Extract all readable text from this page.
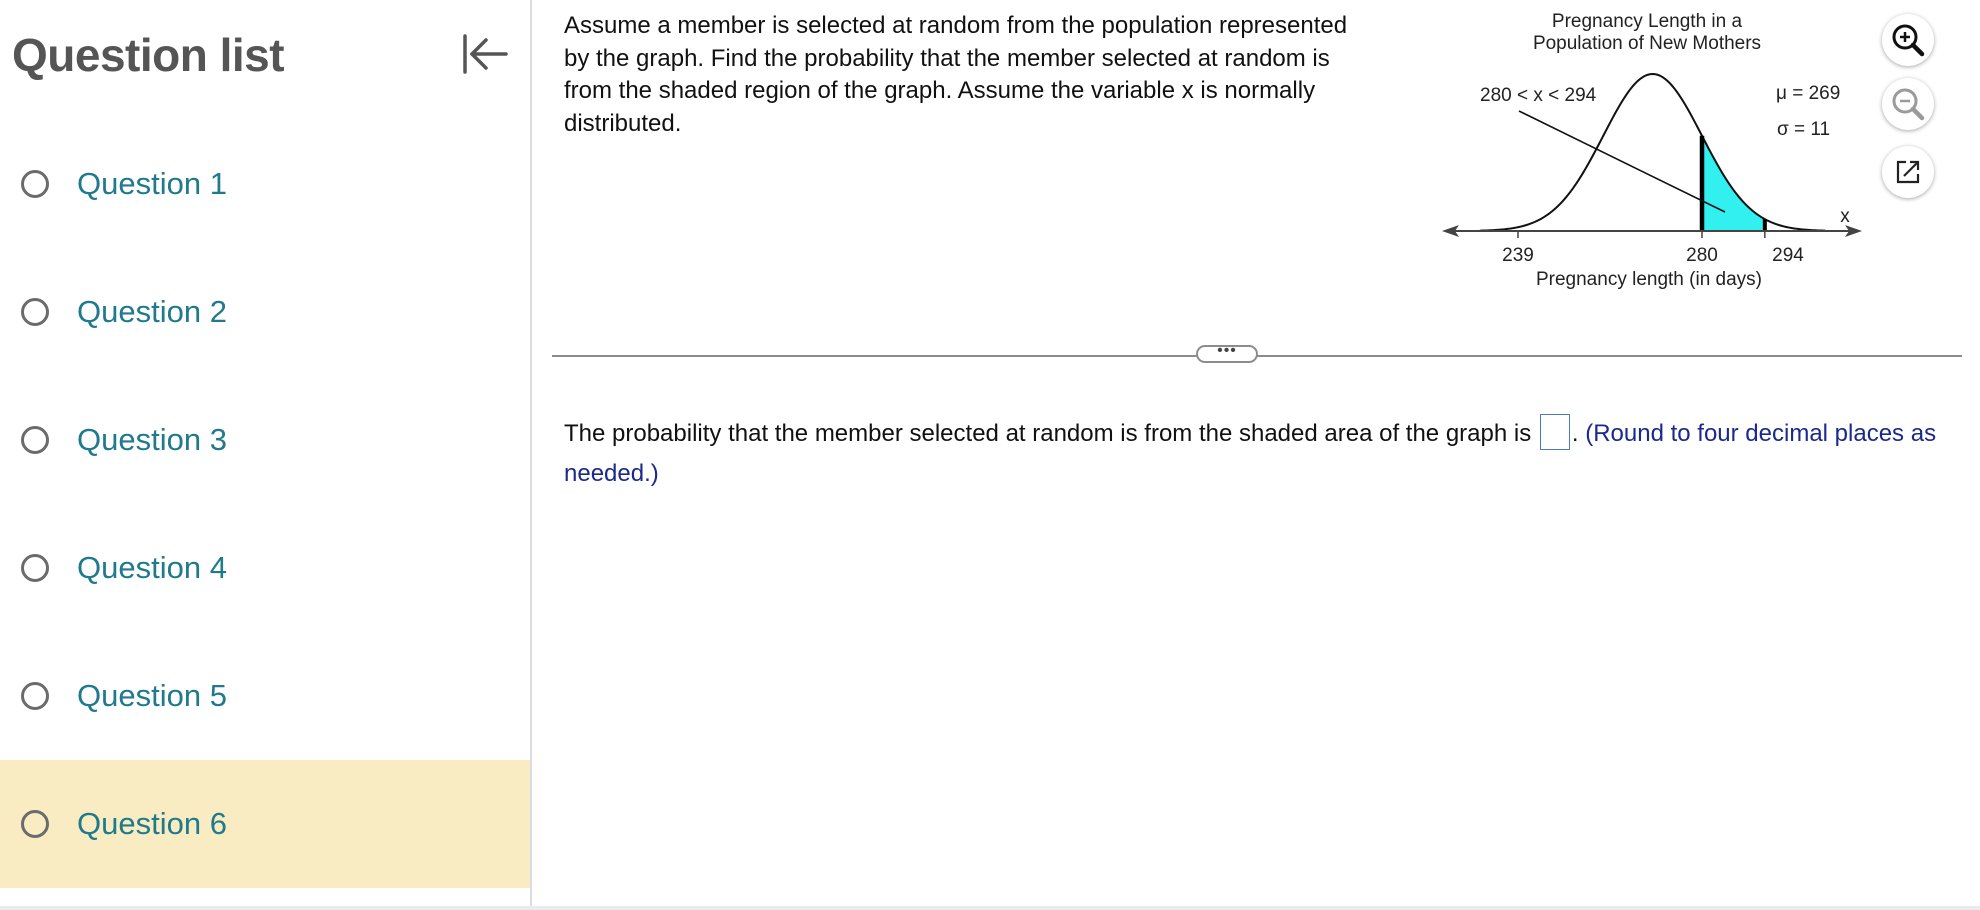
Question list
Question 1
Question 2
Question 3
Question 4
Question 5
Question 6
Assume a member is selected at random from the population represented by the graph. Find the probability that the member selected at random is from the shaded region of the graph. Assume the variable x is normally distributed.
Pregnancy Length in a
Population of New Mothers
239	280	294
Pregnancy length (in days)
x
280 < x < 294	μ = 269
σ = 11
•••
The probability that the member selected at random is from the shaded area of the graph is . (Round to four decimal places as needed.)
